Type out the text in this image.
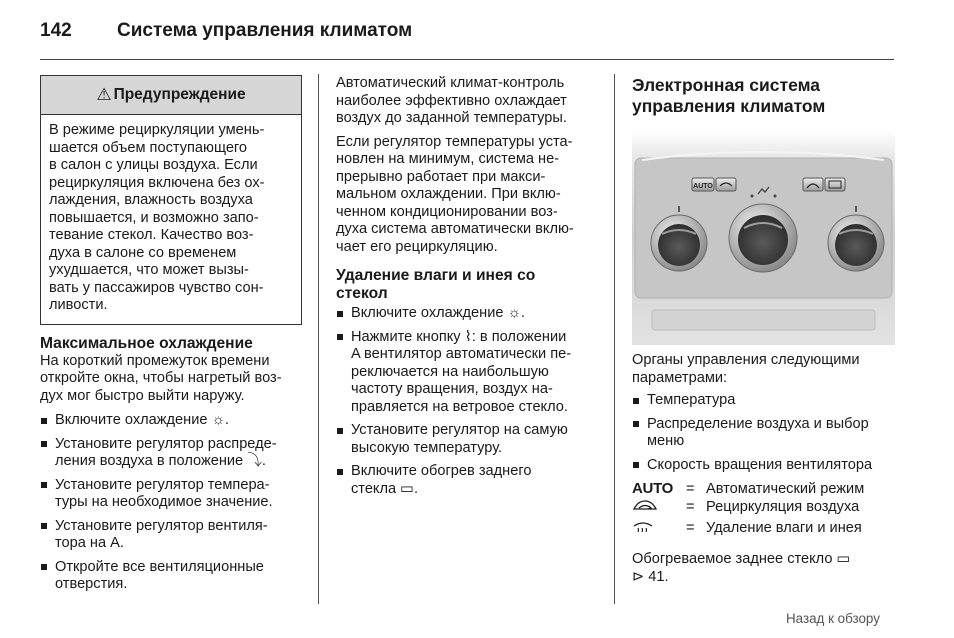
142 Система управления климатом
⚠ Предупреждение
В режиме рециркуляции умень-
шается объем поступающего
в салон с улицы воздуха. Если
рециркуляция включена без ох-
лаждения, влажность воздуха
повышается, и возможно запо-
тевание стекол. Качество воз-
духа в салоне со временем
ухудшается, что может вызы-
вать у пассажиров чувство сон-
ливости.
Максимальное охлаждение
На короткий промежуток времени
откройте окна, чтобы нагретый воз-
дух мог быстро выйти наружу.
Включите охлаждение ☼.
Установите регулятор распреде-
ления воздуха в положение ⤵.
Установите регулятор темпера-
туры на необходимое значение.
Установите регулятор вентиля-
тора на A.
Откройте все вентиляционные
отверстия.
Автоматический климат-контроль
наиболее эффективно охлаждает
воздух до заданной температуры.
Если регулятор температуры уста-
новлен на минимум, система не-
прерывно работает при макси-
мальном охлаждении. При вклю-
ченном кондиционировании воз-
духа система автоматически вклю-
чает его рециркуляцию.
Удаление влаги и инея со
стекол
Включите охлаждение ☼.
Нажмите кнопку ⌇: в положении
A вентилятор автоматически пе-
реключается на наибольшую
частоту вращения, воздух на-
правляется на ветровое стекло.
Установите регулятор на самую
высокую температуру.
Включите обогрев заднего
стекла ▭.
Электронная система
управления климатом
AUTO
Органы управления следующими
параметрами:
Температура
Распределение воздуха и выбор
меню
Скорость вращения вентилятора
AUTO = Автоматический режим
= Рециркуляция воздуха
= Удаление влаги и инея
Обогреваемое заднее стекло ▭
⊳ 41.
Назад к обзору
